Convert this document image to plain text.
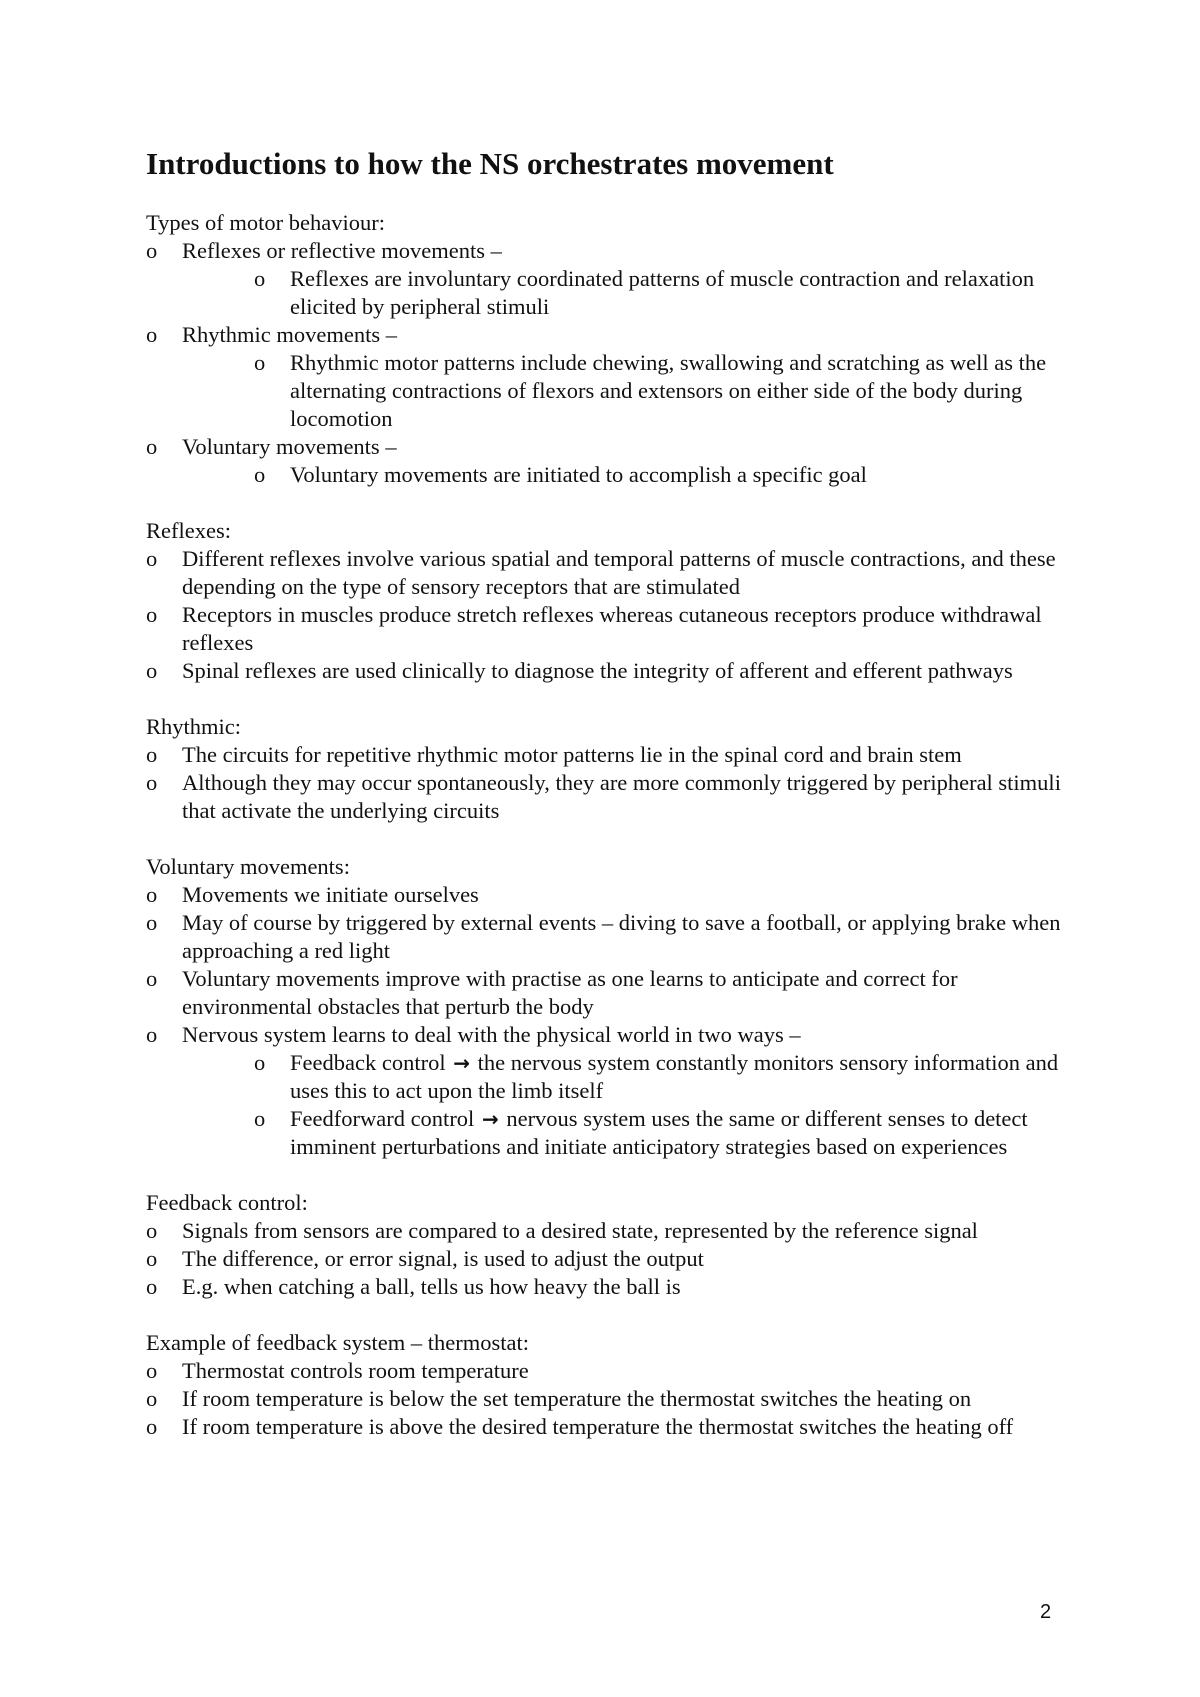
Introductions to how the NS orchestrates movement

Types of motor behaviour:

o Reflexes or reflective movements –
o Reflexes are involuntary coordinated patterns of muscle contraction and relaxation elicited by peripheral stimuli
o Rhythmic movements –
o Rhythmic motor patterns include chewing, swallowing and scratching as well as the alternating contractions of flexors and extensors on either side of the body during locomotion
o Voluntary movements –
o Voluntary movements are initiated to accomplish a specific goal

Reflexes:

o Different reflexes involve various spatial and temporal patterns of muscle contractions, and these depending on the type of sensory receptors that are stimulated
o Receptors in muscles produce stretch reflexes whereas cutaneous receptors produce withdrawal reflexes
o Spinal reflexes are used clinically to diagnose the integrity of afferent and efferent pathways

Rhythmic:

o The circuits for repetitive rhythmic motor patterns lie in the spinal cord and brain stem
o Although they may occur spontaneously, they are more commonly triggered by peripheral stimuli that activate the underlying circuits

Voluntary movements:

o Movements we initiate ourselves
o May of course by triggered by external events – diving to save a football, or applying brake when approaching a red light
o Voluntary movements improve with practise as one learns to anticipate and correct for environmental obstacles that perturb the body
o Nervous system learns to deal with the physical world in two ways –
o Feedback control → the nervous system constantly monitors sensory information and uses this to act upon the limb itself
o Feedforward control → nervous system uses the same or different senses to detect imminent perturbations and initiate anticipatory strategies based on experiences

Feedback control:

o Signals from sensors are compared to a desired state, represented by the reference signal
o The difference, or error signal, is used to adjust the output
o E.g. when catching a ball, tells us how heavy the ball is

Example of feedback system – thermostat:

o Thermostat controls room temperature
o If room temperature is below the set temperature the thermostat switches the heating on
o If room temperature is above the desired temperature the thermostat switches the heating off
2
